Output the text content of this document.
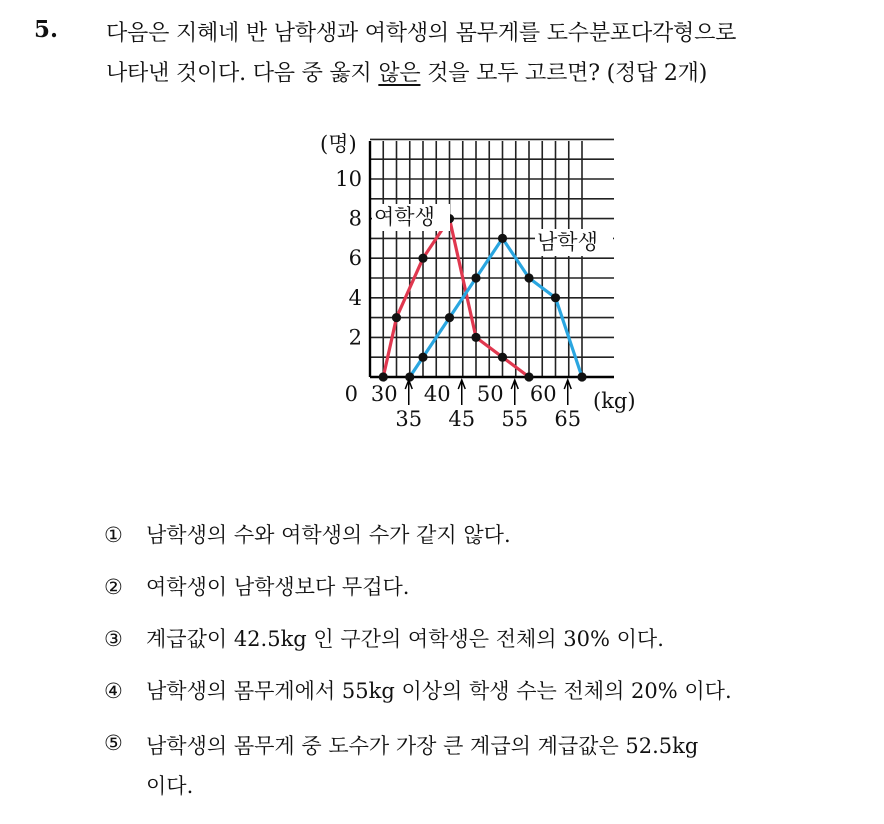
5. 다음은 지혜네 반 남학생과 여학생의 몸무게를 도수분포다각형으로
나타낸 것이다. 다음 중 옳지 않은 것을 모두 고르면? (정답 2개)
0
2
4
6
8
10
(명)
30 40 50 60
35 45 55 65
(kg)
여학생
남학생
①	남학생의 수와 여학생의 수가 같지 않다.
②	여학생이 남학생보다 무겁다.
③	계급값이 42.5kg 인 구간의 여학생은 전체의 30% 이다.
④	남학생의 몸무게에서 55kg 이상의 학생 수는 전체의 20% 이다.
⑤	남학생의 몸무게 중 도수가 가장 큰 계급의 계급값은 52.5kg
이다.
